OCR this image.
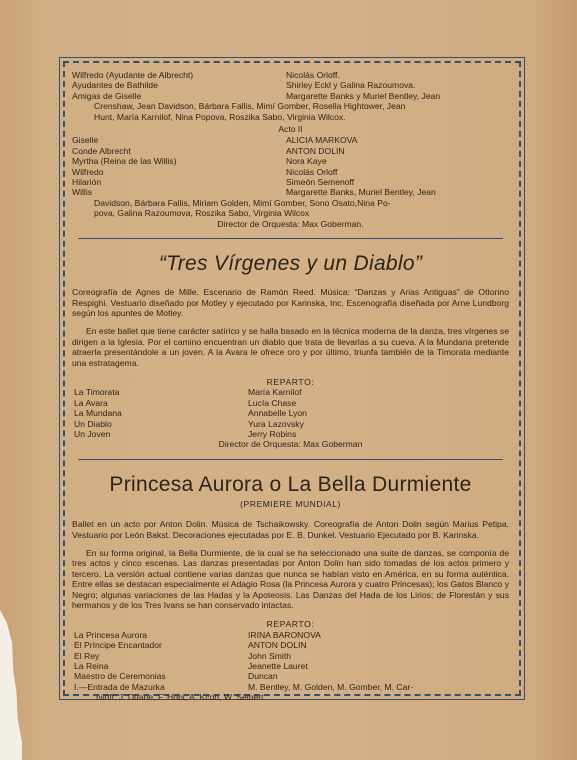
Wilfredo (Ayudante de Albrecht)	Nicolás Orloff.
Ayudantes de Bathilde	Shirley Eckl y Galina Razoumova.
Amigas de Giselle	Margarette Banks y Muriel Bentley, Jean
Crenshaw, Jean Davidson, Bárbara Fallis, Mimí Gomber, Rosella Hightower, Jean
Hunt, María Karnilof, Nina Popova, Roszika Sabo, Virginia Wilcox.
Acto II
Giselle	ALICIA MARKOVA
Conde Albrecht	ANTON DOLIN
Myrtha (Reina de las Willis)	Nora Kaye
Wilfredo	Nicolás Orloff
Hilarión	Simeón Semenoff
Willis	Margarette Banks, Muriel Bentley, Jean
Davidson, Bárbara Fallis, Miriam Golden, Mimí Gomber, Sono Osato,Nina Po-
pova, Galina Razoumova, Roszika Sabo, Virginia Wilcox
Director de Orquesta: Max Goberman.
“Tres Vírgenes y un Diablo”
Coreografía de Agnes de Mille. Escenario de Ramón Reed. Música: “Danzas y Arias Antiguas” de Ottorino Respighi. Vestuario diseñado por Motley y ejecutado por Karinska, Inc. Escenografía diseñada por Arne Lundborg según los apuntes de Motley.
En este ballet que tiene carácter satírico y se halla basado en la técnica moderna de la danza, tres vírgenes se dirigen a la Iglesia. Por el camino encuentran un diablo que trata de llevarlas a su cueva. A la Mundana pretende atraerla presentándole a un joven. A la Avara le ofrece oro y por último, triunfa también de la Timorata mediante una estratagema.
REPARTO:
La Timorata	María Karnilof
La Avara	Lucía Chase
La Mundana	Annabelle Lyon
Un Diablo	Yura Lazovsky
Un Joven	Jerry Robins
Director de Orquesta: Max Goberman
Princesa Aurora o La Bella Durmiente
(PREMIERE MUNDIAL)
Ballet en un acto por Anton Dolin. Música de Tschaikowsky. Coreografía de Anton Dolin según Marius Petipa. Vestuario por León Bakst. Decoraciones ejecutadas por E. B. Dunkel. Vestuario Ejecutado por B. Karinska.
En su forma original, la Bella Durmiente, de la cual se ha seleccionado una suite de danzas, se componía de tres actos y cinco escenas. Las danzas presentadas por Anton Dolin han sido tomadas de los actos primero y tercero. La versión actual contiene varias danzas que nunca se habían visto en América, en su forma auténtica. Entre ellas se destacan especialmente el Adagio Rosa (la Princesa Aurora y cuatro Princesas); los Gatos Blanco y Negro; algunas variaciones de las Hadas y la Apoteosis. Las Danzas del Hada de los Lirios; de Florestán y sus hermanos y de los Tres Ivans se han conservado intactas.
REPARTO:
La Princesa Aurora	IRINA BARONOVA
El Príncipe Encantador	ANTON DOLIN
El Rey	John Smith
La Reina	Jeanette Lauret
Maestro de Ceremonias	Duncan
I.—Entrada de Mazurka	M. Bentley, M. Golden, M. Gomber, M. Car-
niloff, J. Duane, F. Hobi, A. Kcon, W. Seibert.
